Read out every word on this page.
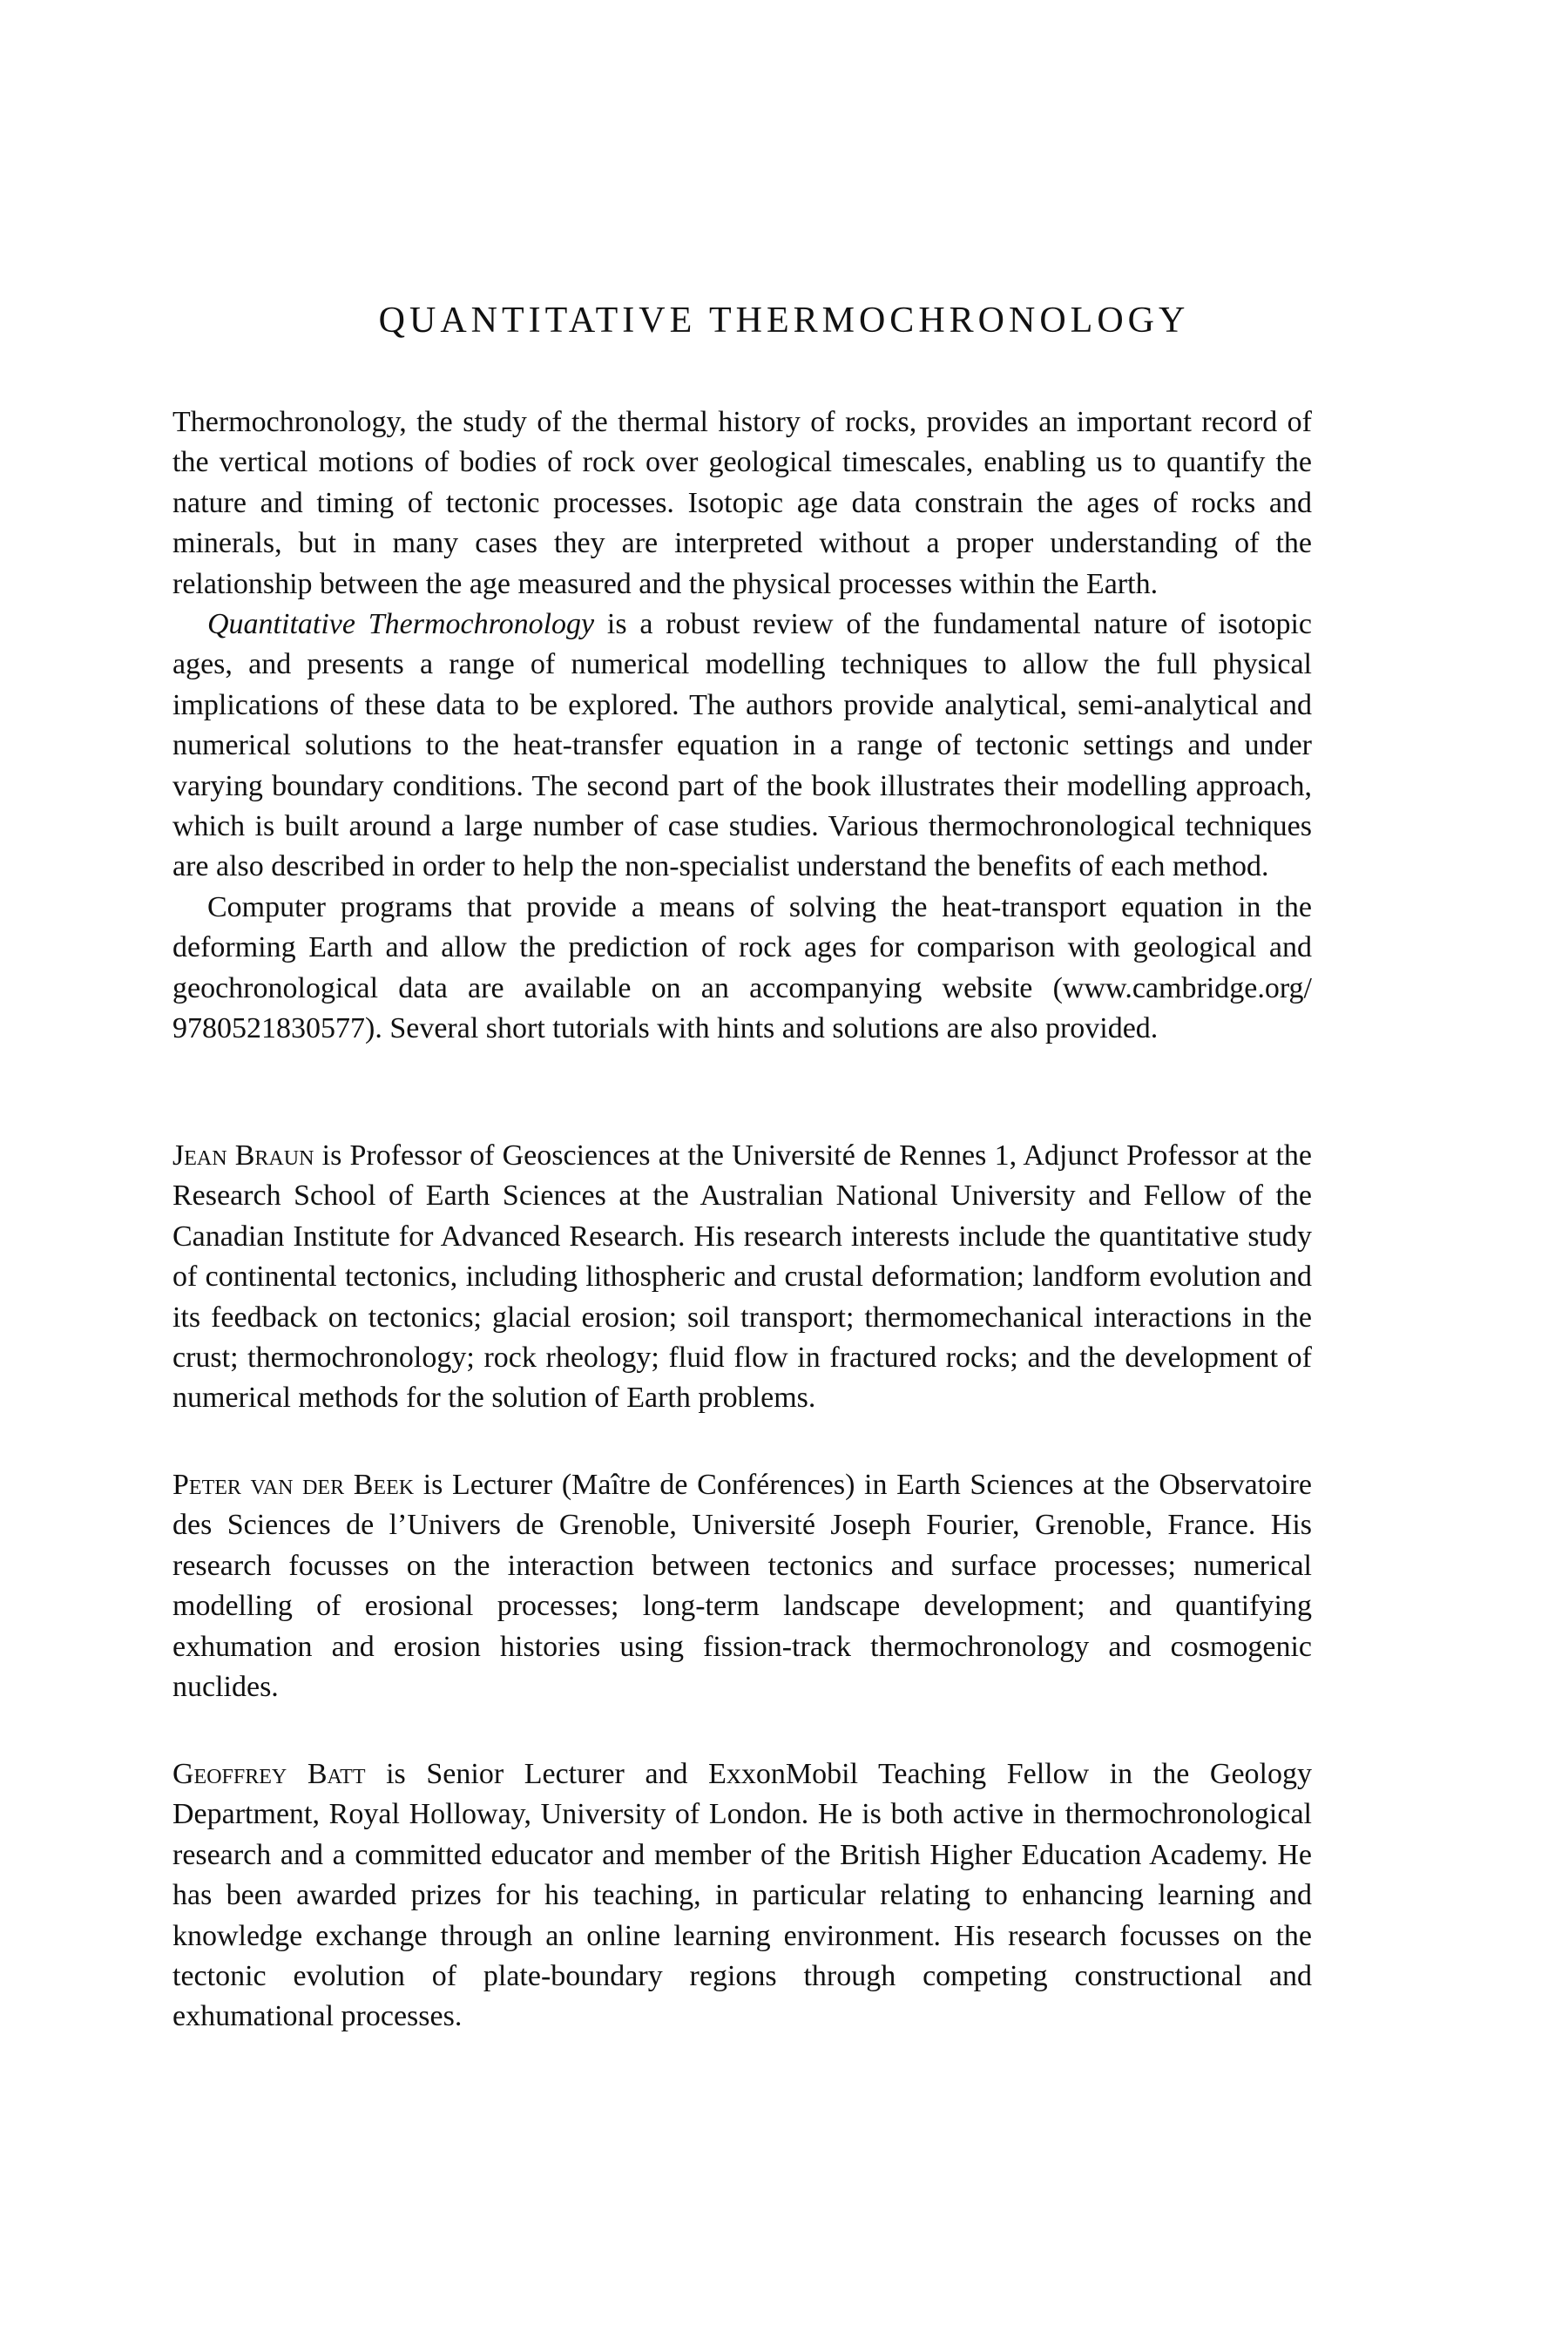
QUANTITATIVE THERMOCHRONOLOGY

Thermochronology, the study of the thermal history of rocks, provides an important record of the vertical motions of bodies of rock over geological timescales, enabling us to quantify the nature and timing of tectonic processes. Isotopic age data constrain the ages of rocks and minerals, but in many cases they are interpreted without a proper understanding of the relationship between the age measured and the physical processes within the Earth.

Quantitative Thermochronology is a robust review of the fundamental nature of isotopic ages, and presents a range of numerical modelling techniques to allow the full physical implications of these data to be explored. The authors provide analytical, semi-analytical and numerical solutions to the heat-transfer equation in a range of tectonic settings and under varying boundary conditions. The second part of the book illustrates their modelling approach, which is built around a large number of case studies. Various thermochronological techniques are also described in order to help the non-specialist understand the benefits of each method.

Computer programs that provide a means of solving the heat-transport equation in the deforming Earth and allow the prediction of rock ages for comparison with geological and geochronological data are available on an accompanying website (www.cambridge.org/​9780521830577). Several short tutorials with hints and solutions are also provided.

Jean Braun is Professor of Geosciences at the Université de Rennes 1, Adjunct Professor at the Research School of Earth Sciences at the Australian National University and Fellow of the Canadian Institute for Advanced Research. His research interests include the quantitative study of continental tectonics, including lithospheric and crustal deformation; landform evolution and its feedback on tectonics; glacial erosion; soil transport; thermomechanical interactions in the crust; thermochronology; rock rheology; fluid flow in fractured rocks; and the development of numerical methods for the solution of Earth problems.

Peter van der Beek is Lecturer (Maître de Conférences) in Earth Sciences at the Observatoire des Sciences de l’Univers de Grenoble, Université Joseph Fourier, Grenoble, France. His research focusses on the interaction between tectonics and surface processes; numerical modelling of erosional processes; long-term landscape development; and quantifying exhumation and erosion histories using fission-track thermochronology and cosmogenic nuclides.

Geoffrey Batt is Senior Lecturer and ExxonMobil Teaching Fellow in the Geology Department, Royal Holloway, University of London. He is both active in thermochronological research and a committed educator and member of the British Higher Education Academy. He has been awarded prizes for his teaching, in particular relating to enhancing learning and knowledge exchange through an online learning environment. His research focusses on the tectonic evolution of plate-boundary regions through competing constructional and exhumational processes.
